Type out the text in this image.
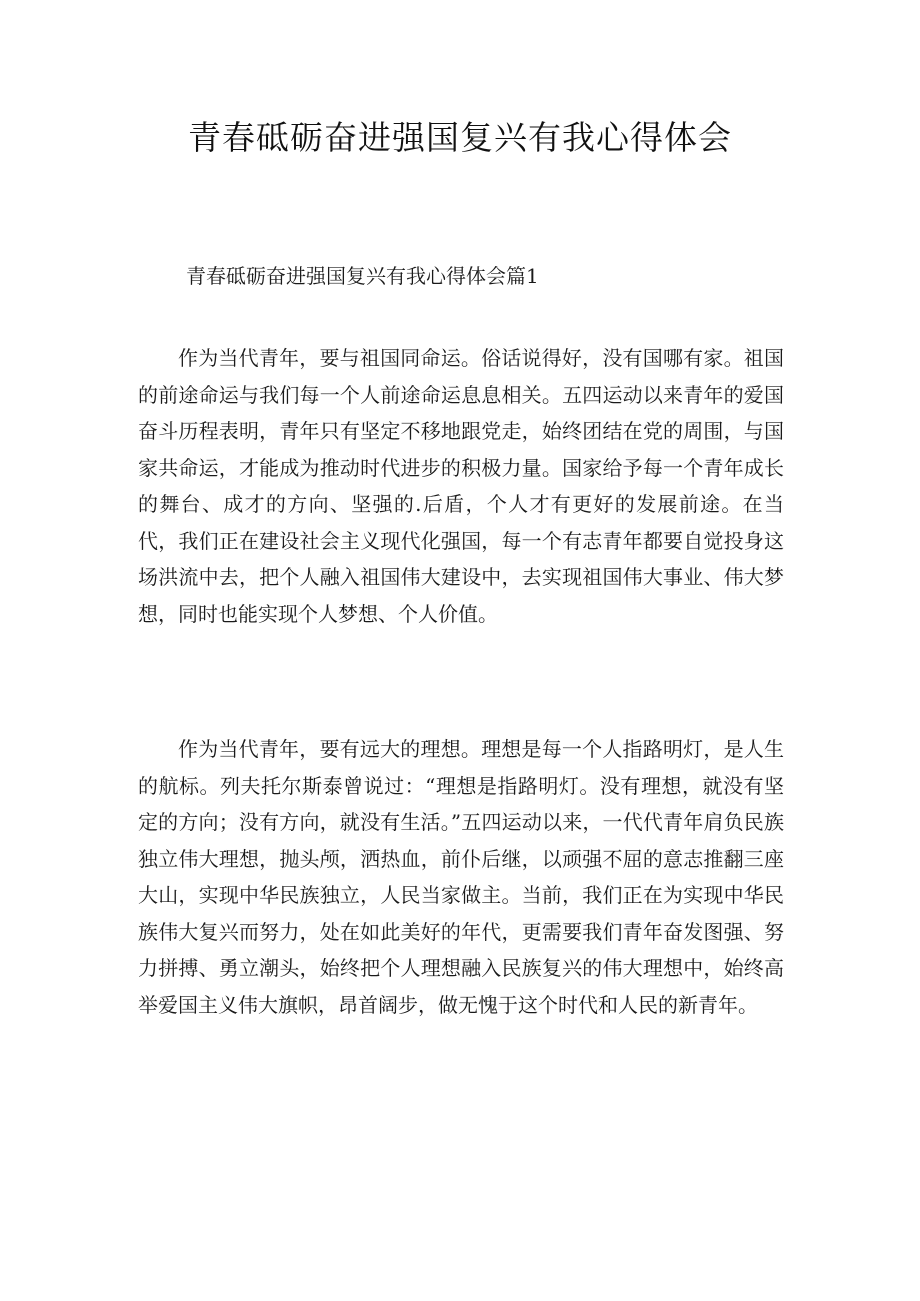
青春砥砺奋进强国复兴有我心得体会
青春砥砺奋进强国复兴有我心得体会篇1

作为当代青年，要与祖国同命运。俗话说得好，没有国哪有家。祖国的前途命运与我们每一个人前途命运息息相关。五四运动以来青年的爱国奋斗历程表明，青年只有坚定不移地跟党走，始终团结在党的周围，与国家共命运，才能成为推动时代进步的积极力量。国家给予每一个青年成长的舞台、成才的方向、坚强的.后盾，个人才有更好的发展前途。在当代，我们正在建设社会主义现代化强国，每一个有志青年都要自觉投身这场洪流中去，把个人融入祖国伟大建设中，去实现祖国伟大事业、伟大梦想，同时也能实现个人梦想、个人价值。

作为当代青年，要有远大的理想。理想是每一个人指路明灯，是人生的航标。列夫托尔斯泰曾说过：“理想是指路明灯。没有理想，就没有坚定的方向；没有方向，就没有生活。”五四运动以来，一代代青年肩负民族独立伟大理想，抛头颅，洒热血，前仆后继，以顽强不屈的意志推翻三座大山，实现中华民族独立，人民当家做主。当前，我们正在为实现中华民族伟大复兴而努力，处在如此美好的年代，更需要我们青年奋发图强、努力拼搏、勇立潮头，始终把个人理想融入民族复兴的伟大理想中，始终高举爱国主义伟大旗帜，昂首阔步，做无愧于这个时代和人民的新青年。
